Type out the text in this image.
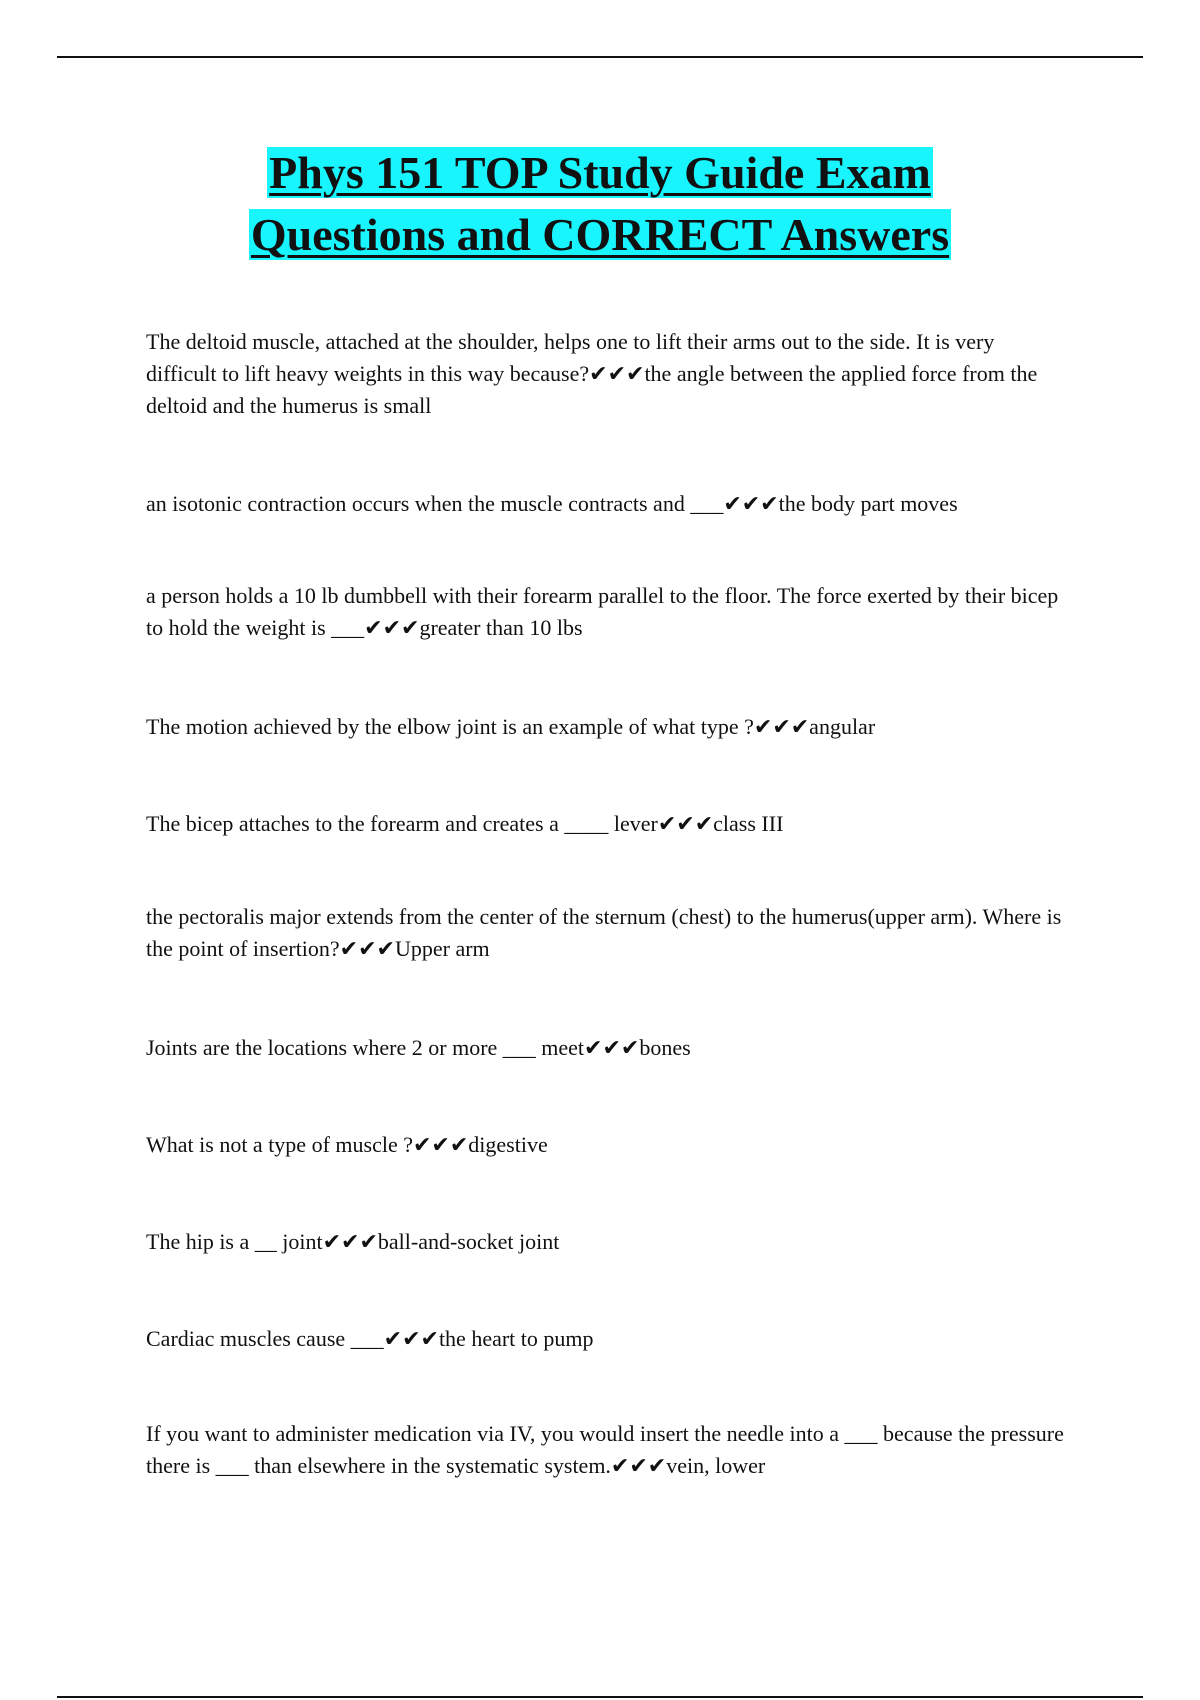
Phys 151 TOP Study Guide Exam
Questions and CORRECT Answers

The deltoid muscle, attached at the shoulder, helps one to lift their arms out to the side. It is very difficult to lift heavy weights in this way because?✔✔✔the angle between the applied force from the deltoid and the humerus is small

an isotonic contraction occurs when the muscle contracts and ___✔✔✔the body part moves

a person holds a 10 lb dumbbell with their forearm parallel to the floor. The force exerted by their bicep to hold the weight is ___✔✔✔greater than 10 lbs

The motion achieved by the elbow joint is an example of what type ?✔✔✔angular

The bicep attaches to the forearm and creates a ____ lever✔✔✔class III

the pectoralis major extends from the center of the sternum (chest) to the humerus(upper arm). Where is the point of insertion?✔✔✔Upper arm

Joints are the locations where 2 or more ___ meet✔✔✔bones

What is not a type of muscle ?✔✔✔digestive

The hip is a __ joint✔✔✔ball-and-socket joint

Cardiac muscles cause ___✔✔✔the heart to pump

If you want to administer medication via IV, you would insert the needle into a ___ because the pressure there is ___ than elsewhere in the systematic system.✔✔✔vein, lower
